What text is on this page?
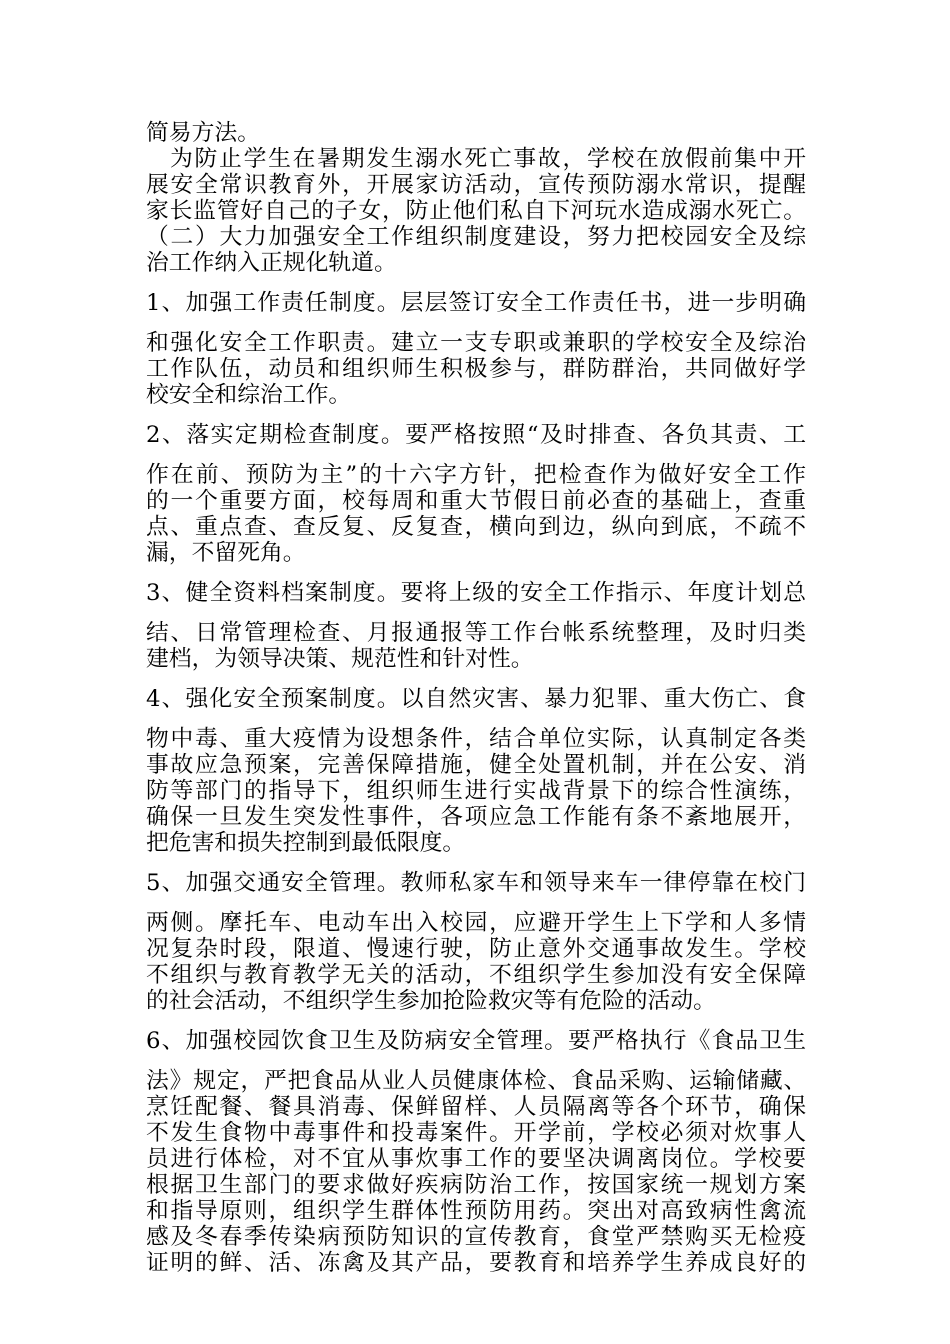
简易方法。
为防止学生在暑期发生溺水死亡事故，学校在放假前集中开
展安全常识教育外，开展家访活动，宣传预防溺水常识，提醒
家长监管好自己的子女，防止他们私自下河玩水造成溺水死亡。
（二）大力加强安全工作组织制度建设，努力把校园安全及综
治工作纳入正规化轨道。
1、加强工作责任制度。层层签订安全工作责任书，进一步明确
和强化安全工作职责。建立一支专职或兼职的学校安全及综治
工作队伍，动员和组织师生积极参与，群防群治，共同做好学
校安全和综治工作。
2、落实定期检查制度。要严格按照“及时排查、各负其责、工
作在前、预防为主”的十六字方针，把检查作为做好安全工作
的一个重要方面，校每周和重大节假日前必查的基础上，查重
点、重点查、查反复、反复查，横向到边，纵向到底，不疏不
漏，不留死角。
3、健全资料档案制度。要将上级的安全工作指示、年度计划总
结、日常管理检查、月报通报等工作台帐系统整理，及时归类
建档，为领导决策、规范性和针对性。
4、强化安全预案制度。以自然灾害、暴力犯罪、重大伤亡、食
物中毒、重大疫情为设想条件，结合单位实际，认真制定各类
事故应急预案，完善保障措施，健全处置机制，并在公安、消
防等部门的指导下，组织师生进行实战背景下的综合性演练，
确保一旦发生突发性事件，各项应急工作能有条不紊地展开，
把危害和损失控制到最低限度。
5、加强交通安全管理。教师私家车和领导来车一律停靠在校门
两侧。摩托车、电动车出入校园，应避开学生上下学和人多情
况复杂时段，限道、慢速行驶，防止意外交通事故发生。学校
不组织与教育教学无关的活动，不组织学生参加没有安全保障
的社会活动，不组织学生参加抢险救灾等有危险的活动。
6、加强校园饮食卫生及防病安全管理。要严格执行《食品卫生
法》规定，严把食品从业人员健康体检、食品采购、运输储藏、
烹饪配餐、餐具消毒、保鲜留样、人员隔离等各个环节，确保
不发生食物中毒事件和投毒案件。开学前，学校必须对炊事人
员进行体检，对不宜从事炊事工作的要坚决调离岗位。学校要
根据卫生部门的要求做好疾病防治工作，按国家统一规划方案
和指导原则，组织学生群体性预防用药。突出对高致病性禽流
感及冬春季传染病预防知识的宣传教育，食堂严禁购买无检疫
证明的鲜、活、冻禽及其产品，要教育和培养学生养成良好的
